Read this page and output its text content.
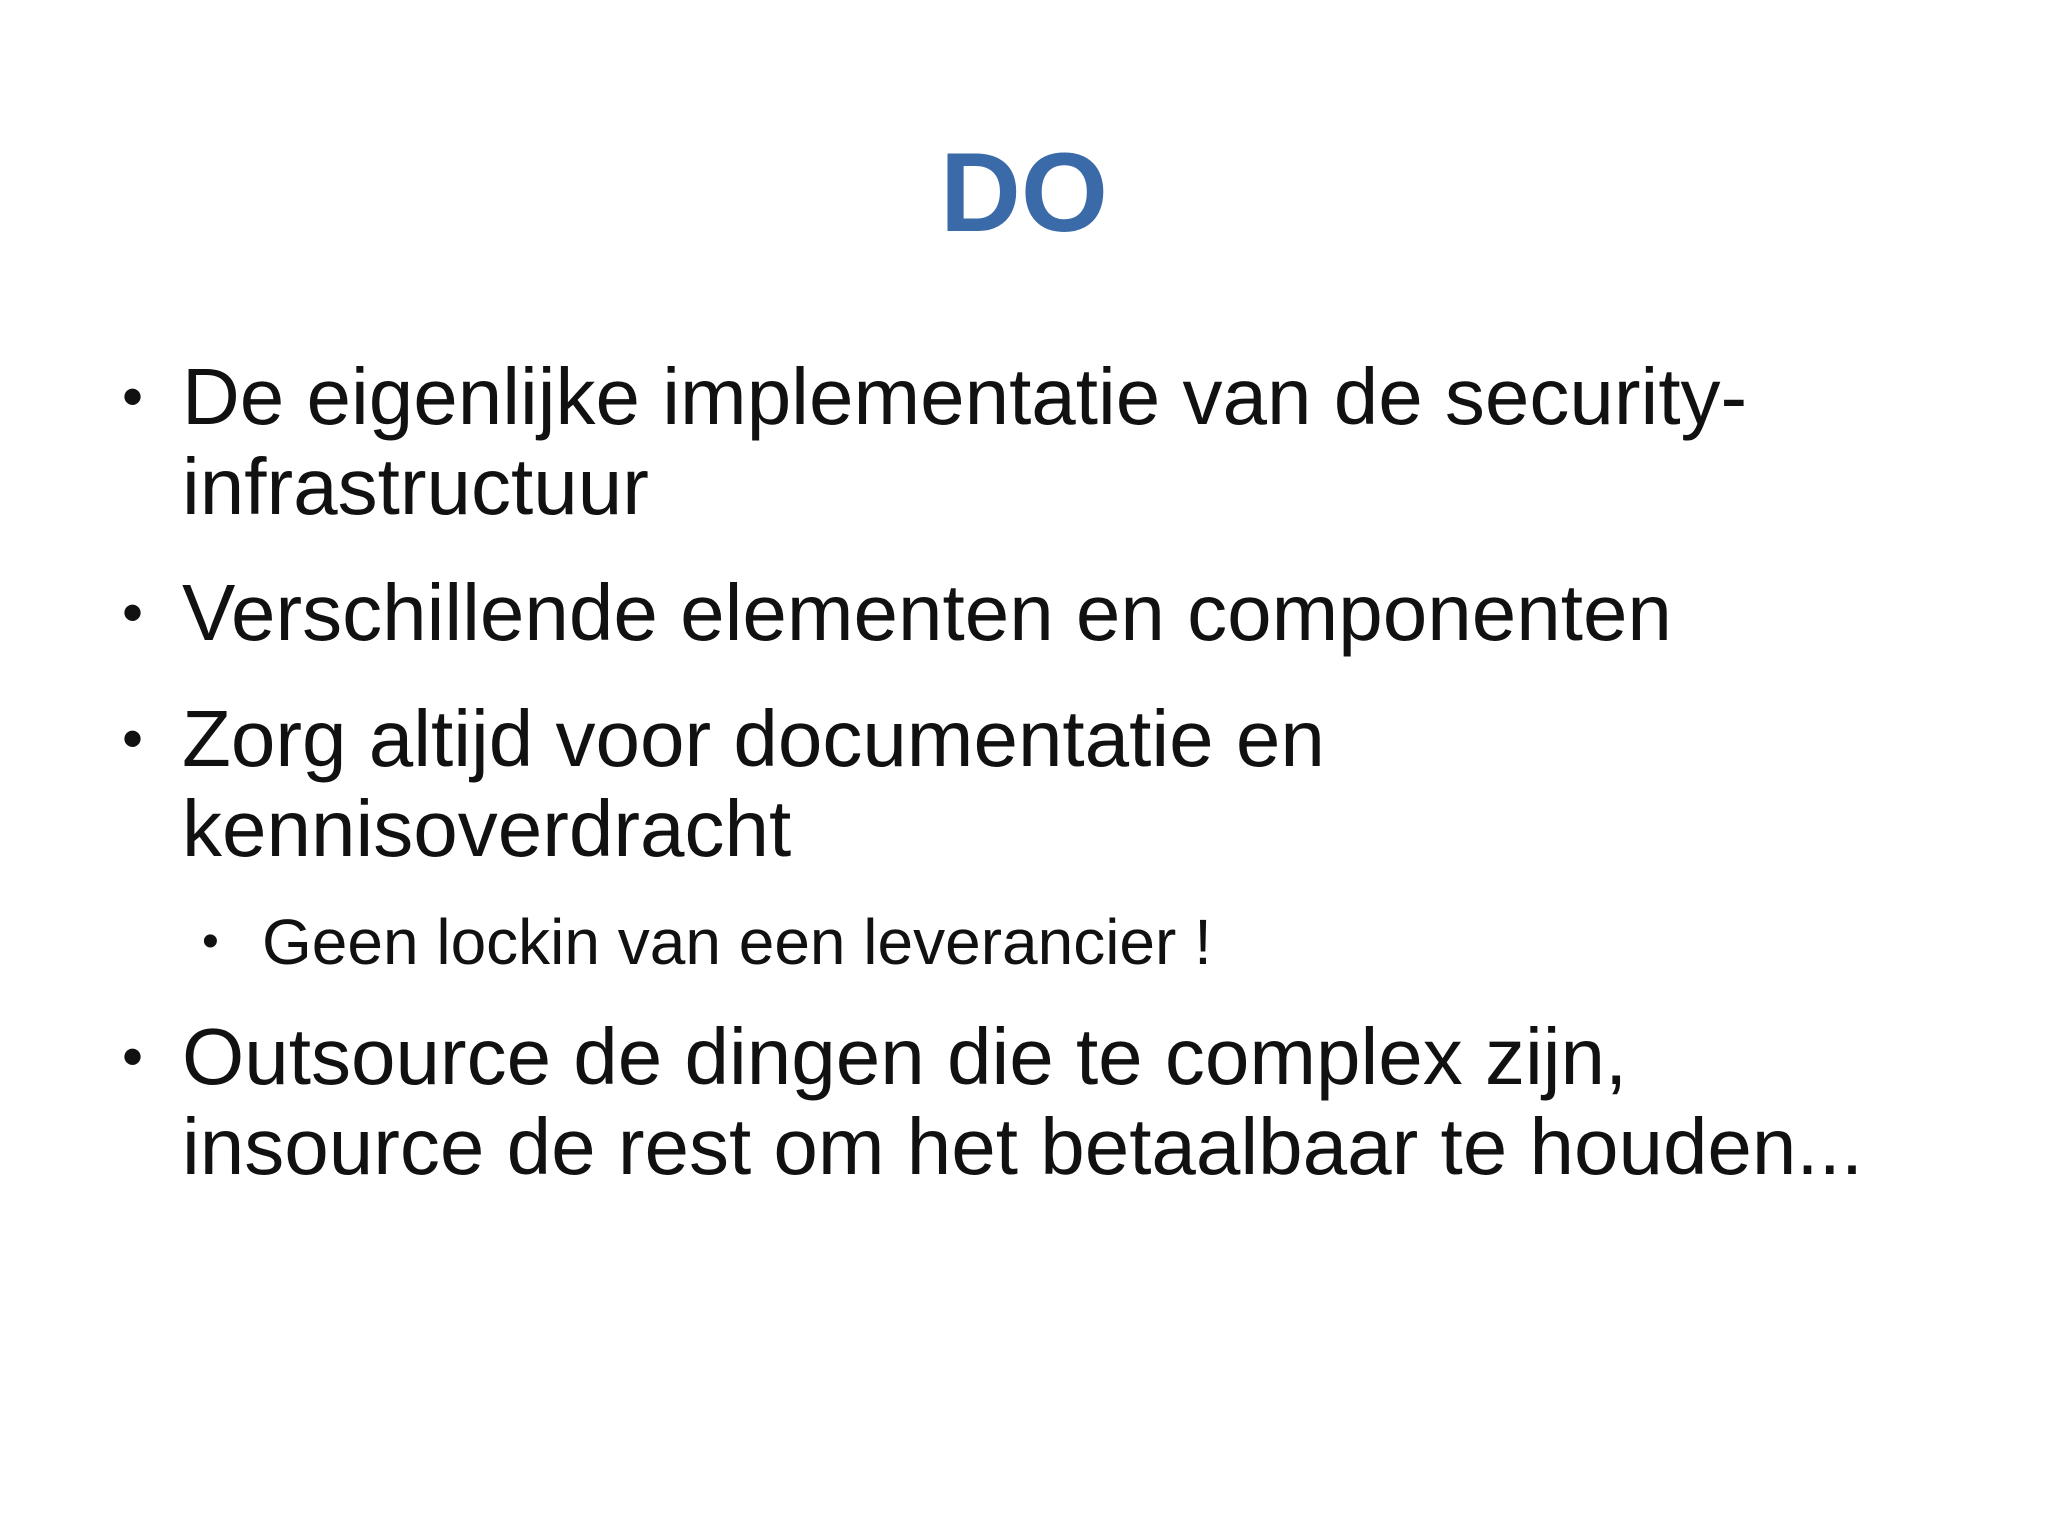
DO
• De eigenlijke implementatie van de security-
infrastructuur
• Verschillende elementen en componenten
• Zorg altijd voor documentatie en
kennisoverdracht
• Geen lockin van een leverancier !
• Outsource de dingen die te complex zijn,
insource de rest om het betaalbaar te houden...
